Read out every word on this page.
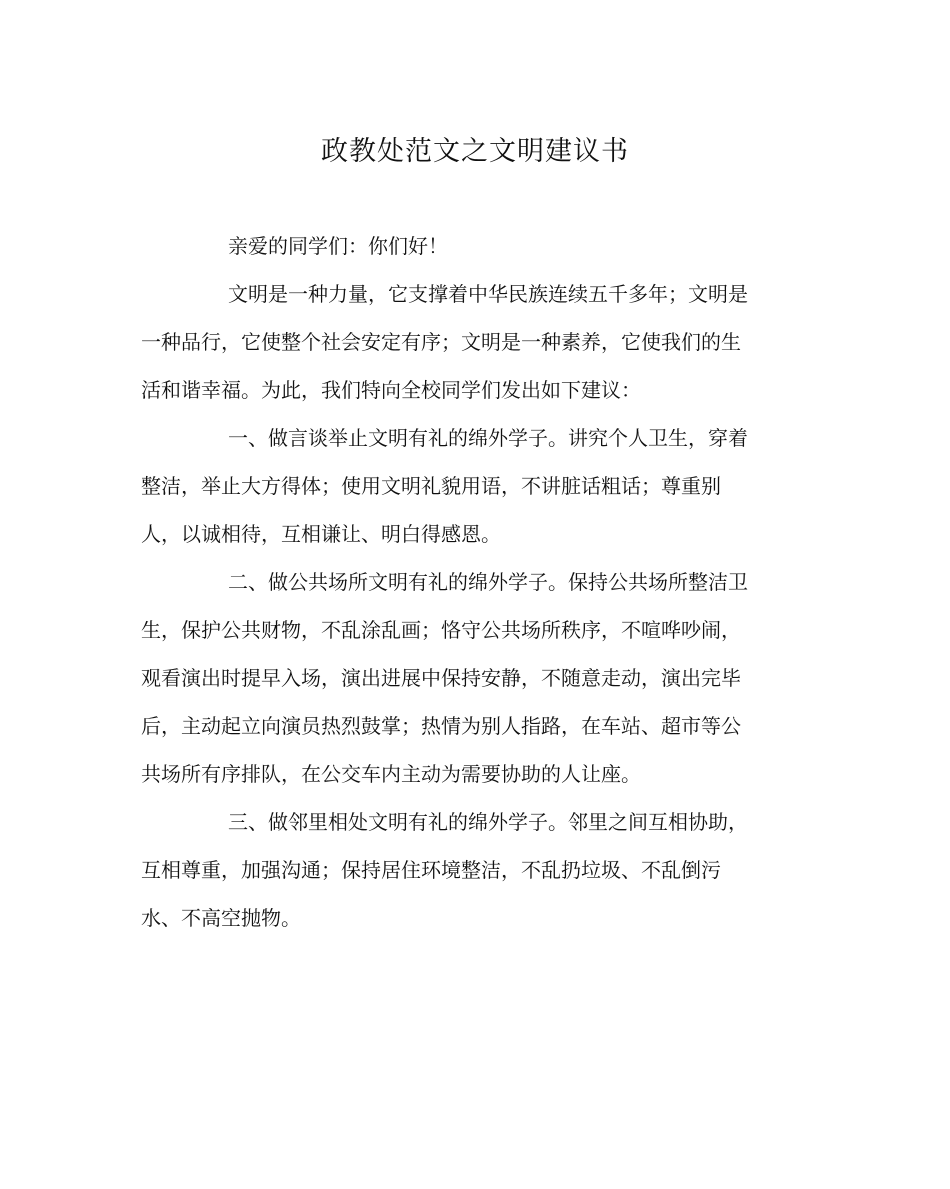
政教处范文之文明建议书
亲爱的同学们：你们好！
文明是一种力量，它支撑着中华民族连续五千多年；文明是
一种品行，它使整个社会安定有序；文明是一种素养，它使我们的生
活和谐幸福。为此，我们特向全校同学们发出如下建议：
一、做言谈举止文明有礼的绵外学子。讲究个人卫生，穿着
整洁，举止大方得体；使用文明礼貌用语，不讲脏话粗话；尊重别
人，以诚相待，互相谦让、明白得感恩。
二、做公共场所文明有礼的绵外学子。保持公共场所整洁卫
生，保护公共财物，不乱涂乱画；恪守公共场所秩序，不喧哗吵闹，
观看演出时提早入场，演出进展中保持安静，不随意走动，演出完毕
后，主动起立向演员热烈鼓掌；热情为别人指路，在车站、超市等公
共场所有序排队，在公交车内主动为需要协助的人让座。
三、做邻里相处文明有礼的绵外学子。邻里之间互相协助，
互相尊重，加强沟通；保持居住环境整洁，不乱扔垃圾、不乱倒污
水、不高空抛物。
